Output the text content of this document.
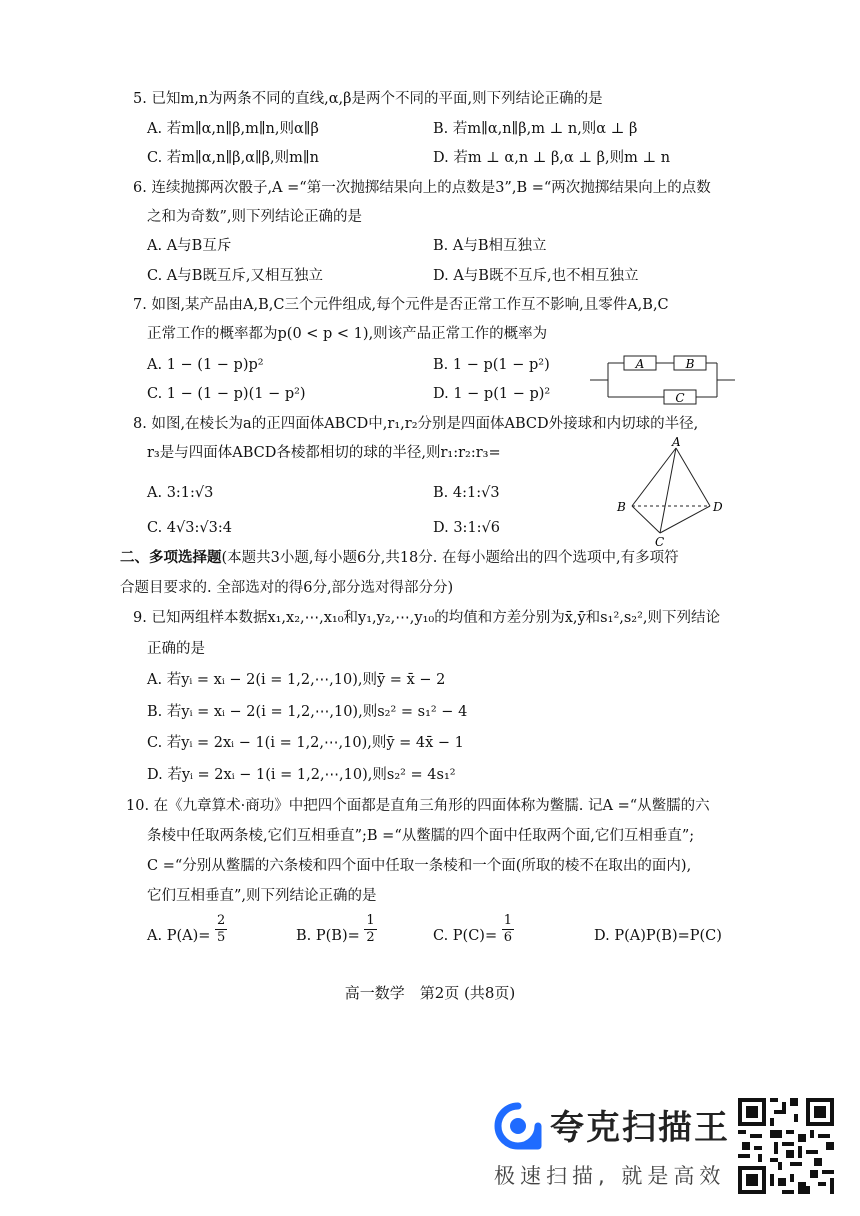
5. 已知m,n为两条不同的直线,α,β是两个不同的平面,则下列结论正确的是
A. 若m∥α,n∥β,m∥n,则α∥β	B. 若m∥α,n∥β,m ⊥ n,则α ⊥ β
C. 若m∥α,n∥β,α∥β,则m∥n	D. 若m ⊥ α,n ⊥ β,α ⊥ β,则m ⊥ n
6. 连续抛掷两次骰子,A =“第一次抛掷结果向上的点数是3”,B =“两次抛掷结果向上的点数
之和为奇数”,则下列结论正确的是
A. A与B互斥	B. A与B相互独立
C. A与B既互斥,又相互独立	D. A与B既不互斥,也不相互独立
7. 如图,某产品由A,B,C三个元件组成,每个元件是否正常工作互不影响,且零件A,B,C
正常工作的概率都为p(0 < p < 1),则该产品正常工作的概率为
A. 1 − (1 − p)p²	B. 1 − p(1 − p²)
C. 1 − (1 − p)(1 − p²)	D. 1 − p(1 − p)²
A	B
C
8. 如图,在棱长为a的正四面体ABCD中,r₁,r₂分别是四面体ABCD外接球和内切球的半径,
r₃是与四面体ABCD各棱都相切的球的半径,则r₁:r₂:r₃=
A. 3:1:√3	B. 4:1:√3
C. 4√3:√3:4	D. 3:1:√6
A
B
C
D
二、多项选择题(本题共3小题,每小题6分,共18分. 在每小题给出的四个选项中,有多项符
合题目要求的. 全部选对的得6分,部分选对得部分分)
9. 已知两组样本数据x₁,x₂,⋯,x₁₀和y₁,y₂,⋯,y₁₀的均值和方差分别为x̄,ȳ和s₁²,s₂²,则下列结论
正确的是
A. 若yᵢ = xᵢ − 2(i = 1,2,⋯,10),则ȳ = x̄ − 2
B. 若yᵢ = xᵢ − 2(i = 1,2,⋯,10),则s₂² = s₁² − 4
C. 若yᵢ = 2xᵢ − 1(i = 1,2,⋯,10),则ȳ = 4x̄ − 1
D. 若yᵢ = 2xᵢ − 1(i = 1,2,⋯,10),则s₂² = 4s₁²
10. 在《九章算术·商功》中把四个面都是直角三角形的四面体称为鳖臑. 记A =“从鳖臑的六
条棱中任取两条棱,它们互相垂直”;B =“从鳖臑的四个面中任取两个面,它们互相垂直”;
C =“分别从鳖臑的六条棱和四个面中任取一条棱和一个面(所取的棱不在取出的面内),
它们互相垂直”,则下列结论正确的是
A. $P(A)= \frac{2}{5}$	B. $P(B)= \frac{1}{2}$	C. $P(C)= \frac{1}{6}$	D. P(A)P(B)=P(C)
高一数学　第2页 (共8页)
夸克扫描王
极速扫描, 就是高效
